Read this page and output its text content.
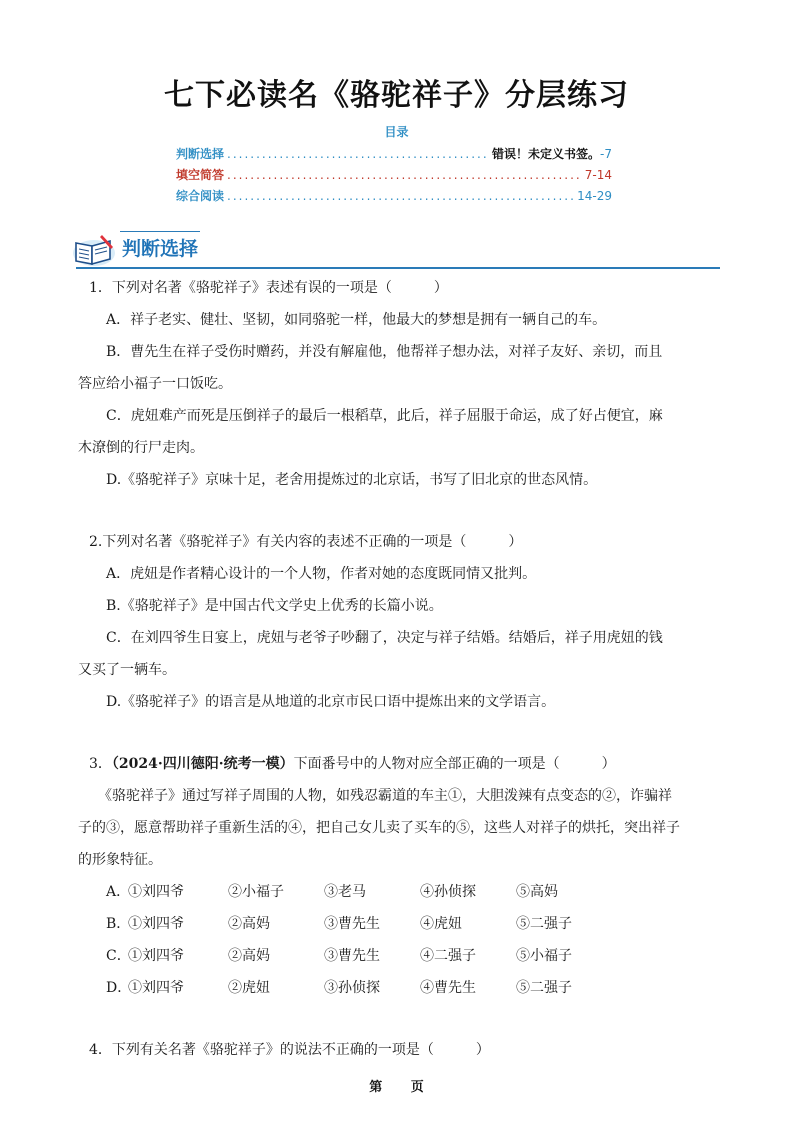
七下必读名《骆驼祥子》分层练习
目录
判断选择 .....	错误！未定义书签。 -7
填空简答 .....	7-14
综合阅读 .....	14-29
判断选择
1．下列对名著《骆驼祥子》表述有误的一项是（　　　）
A．祥子老实、健壮、坚韧，如同骆驼一样，他最大的梦想是拥有一辆自己的车。
B．曹先生在祥子受伤时赠药，并没有解雇他，他帮祥子想办法，对祥子友好、亲切，而且
答应给小福子一口饭吃。
C．虎妞难产而死是压倒祥子的最后一根稻草，此后，祥子屈服于命运，成了好占便宜，麻
木潦倒的行尸走肉。
D.《骆驼祥子》京味十足，老舍用提炼过的北京话，书写了旧北京的世态风情。
2.下列对名著《骆驼祥子》有关内容的表述不正确的一项是（　　　）
A．虎妞是作者精心设计的一个人物，作者对她的态度既同情又批判。
B.《骆驼祥子》是中国古代文学史上优秀的长篇小说。
C．在刘四爷生日宴上，虎妞与老爷子吵翻了，决定与祥子结婚。结婚后，祥子用虎妞的钱
又买了一辆车。
D.《骆驼祥子》的语言是从地道的北京市民口语中提炼出来的文学语言。
3．（2024·四川德阳·统考一模）下面番号中的人物对应全部正确的一项是（　　　）
《骆驼祥子》通过写祥子周围的人物，如残忍霸道的车主①，大胆泼辣有点变态的②，诈骗祥
子的③，愿意帮助祥子重新生活的④，把自己女儿卖了买车的⑤，这些人对祥子的烘托，突出祥子
的形象特征。
A．
①刘四爷	②小福子	③老马	④孙侦探	⑤高妈
B．
①刘四爷	②高妈	③曹先生	④虎妞	⑤二强子
C．
①刘四爷	②高妈	③曹先生	④二强子	⑤小福子
D．
①刘四爷	②虎妞	③孙侦探	④曹先生	⑤二强子
4．下列有关名著《骆驼祥子》的说法不正确的一项是（　　　）
第 页
